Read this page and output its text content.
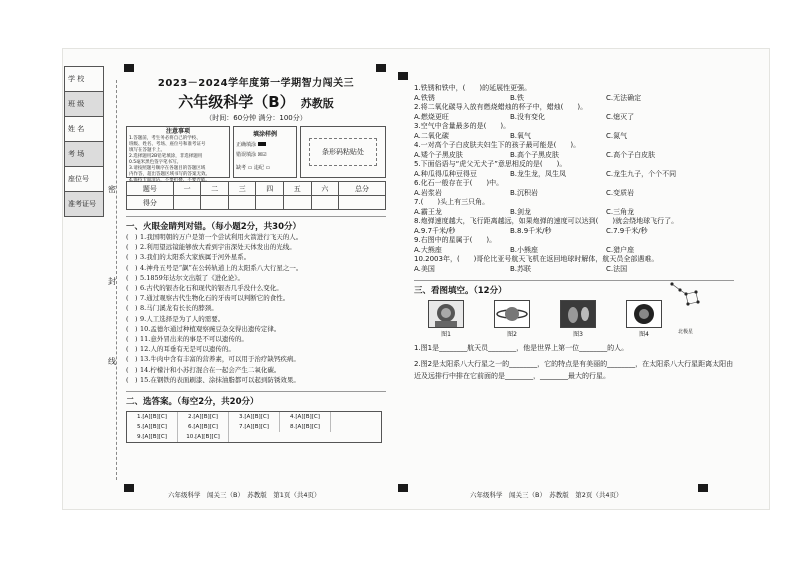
学 校
班 级
姓 名
考 场
座位号
准考证号
密
封
线
2023－2024学年度第一学期智力闯关三
六年级科学（B） 苏教版
（时间：60分钟 满分：100分）
注意事项
1.答题前，考生务必将自己的学校、
班级、姓名、考场、座位号和准考证号
填写在答题卡上。
2.选择题用2B铅笔填涂，非选择题用
0.5毫米黑色签字笔书写。
3.请按照题号顺序在各题目的答题区域
内作答，超出答题区域书写的答案无效。
4.保持卡面清洁，不要折叠、不要弄破。
填涂样例
正确填涂
错误填涂 ☒☑
缺考 ▭ 违纪 ▭
条形码粘贴处
题号	一	二	三	四	五	六	总分
得分							
一、火眼金睛判对错。（每小题2分，共30分）
(　) 1.我国明朝的万户是第一个尝试利用火箭进行飞天的人。
(　) 2.利用望远镜能够放大看到宇宙深处天体发出的光线。
(　) 3.我们的太阳系大家族属于河外星系。
(　) 4.神舟五号是“飙”在公转轨道上的太阳系八大行星之一。
(　) 5.1859年达尔文出版了《进化论》。
(　) 6.古代的银杏化石和现代的银杏几乎没什么变化。
(　) 7.通过观察古代生物化石的牙齿可以判断它的食性。
(　) 8.马门溪龙有长长的脖颈。
(　) 9.人工选择是为了人的需要。
(　) 10.孟德尔通过种植观察豌豆杂交得出遗传定律。
(　) 11.意外冒出来的事是不可以遗传的。
(　) 12.人的耳垂有无是可以遗传的。
(　) 13.牛肉中含有丰富的营养素，可以用于治疗缺钙疾病。
(　) 14.柠檬汁和小苏打混合在一起会产生二氧化碳。
(　) 15.在钢铁的表面刷漆、涂抹油脂都可以起到防锈效果。
二、选答案。（每空2分，共20分）
1.[A][B][C]	2.[A][B][C]	3.[A][B][C]	4.[A][B][C]
5.[A][B][C]	6.[A][B][C]	7.[A][B][C]	8.[A][B][C]
9.[A][B][C]	10.[A][B][C]
1.铁锈和铁中，(　　)的延展性更强。
A.铁锈	B.铁	C.无法确定
2.将二氧化碳导入放有燃烧蜡烛的杯子中，蜡烛(　　)。
A.燃烧更旺	B.没有变化	C.熄灭了
3.空气中含量最多的是(　　)。
A.二氧化碳	B.氧气	C.氮气
4.一对高个子白皮肤夫妇生下的孩子最可能是(　　)。
A.矮个子黑皮肤	B.高个子黑皮肤	C.高个子白皮肤
5.下面俗语与“虎父无犬子”意思相反的是(　　)。
A.种瓜得瓜种豆得豆	B.龙生龙，凤生凤	C.龙生九子，个个不同
6.化石一般存在于(　　)中。
A.岩浆岩	B.沉积岩	C.变质岩
7.(　　)头上有三只角。
A.霸王龙	B.剑龙	C.三角龙
8.炮弹速度越大，飞行距离越远，如果炮弹的速度可以达到(　　)就会绕地球飞行了。
A.9.7千米/秒	B.8.9千米/秒	C.7.9千米/秒
9.右图中的星属于(　　)。
A.大熊座	B.小熊座	C.猎户座
10.2003年，(　　)哥伦比亚号航天飞机在返回地球时解体，航天员全部遇难。
A.美国	B.苏联	C.法国
三、看图填空。（12分）
图1	图2	图3	图4
1.图1是________航天员________，他是世界上第一位________的人。
2.图2是太阳系八大行星之一的________，它的特点是有美丽的________，在太阳系八大行星距离太阳由近及远排行中排在它前面的是________，________最大的行星。
北极星
六年级科学　闯关三（B）　苏教版　第1页（共4页）	六年级科学　闯关三（B）　苏教版　第2页（共4页）
